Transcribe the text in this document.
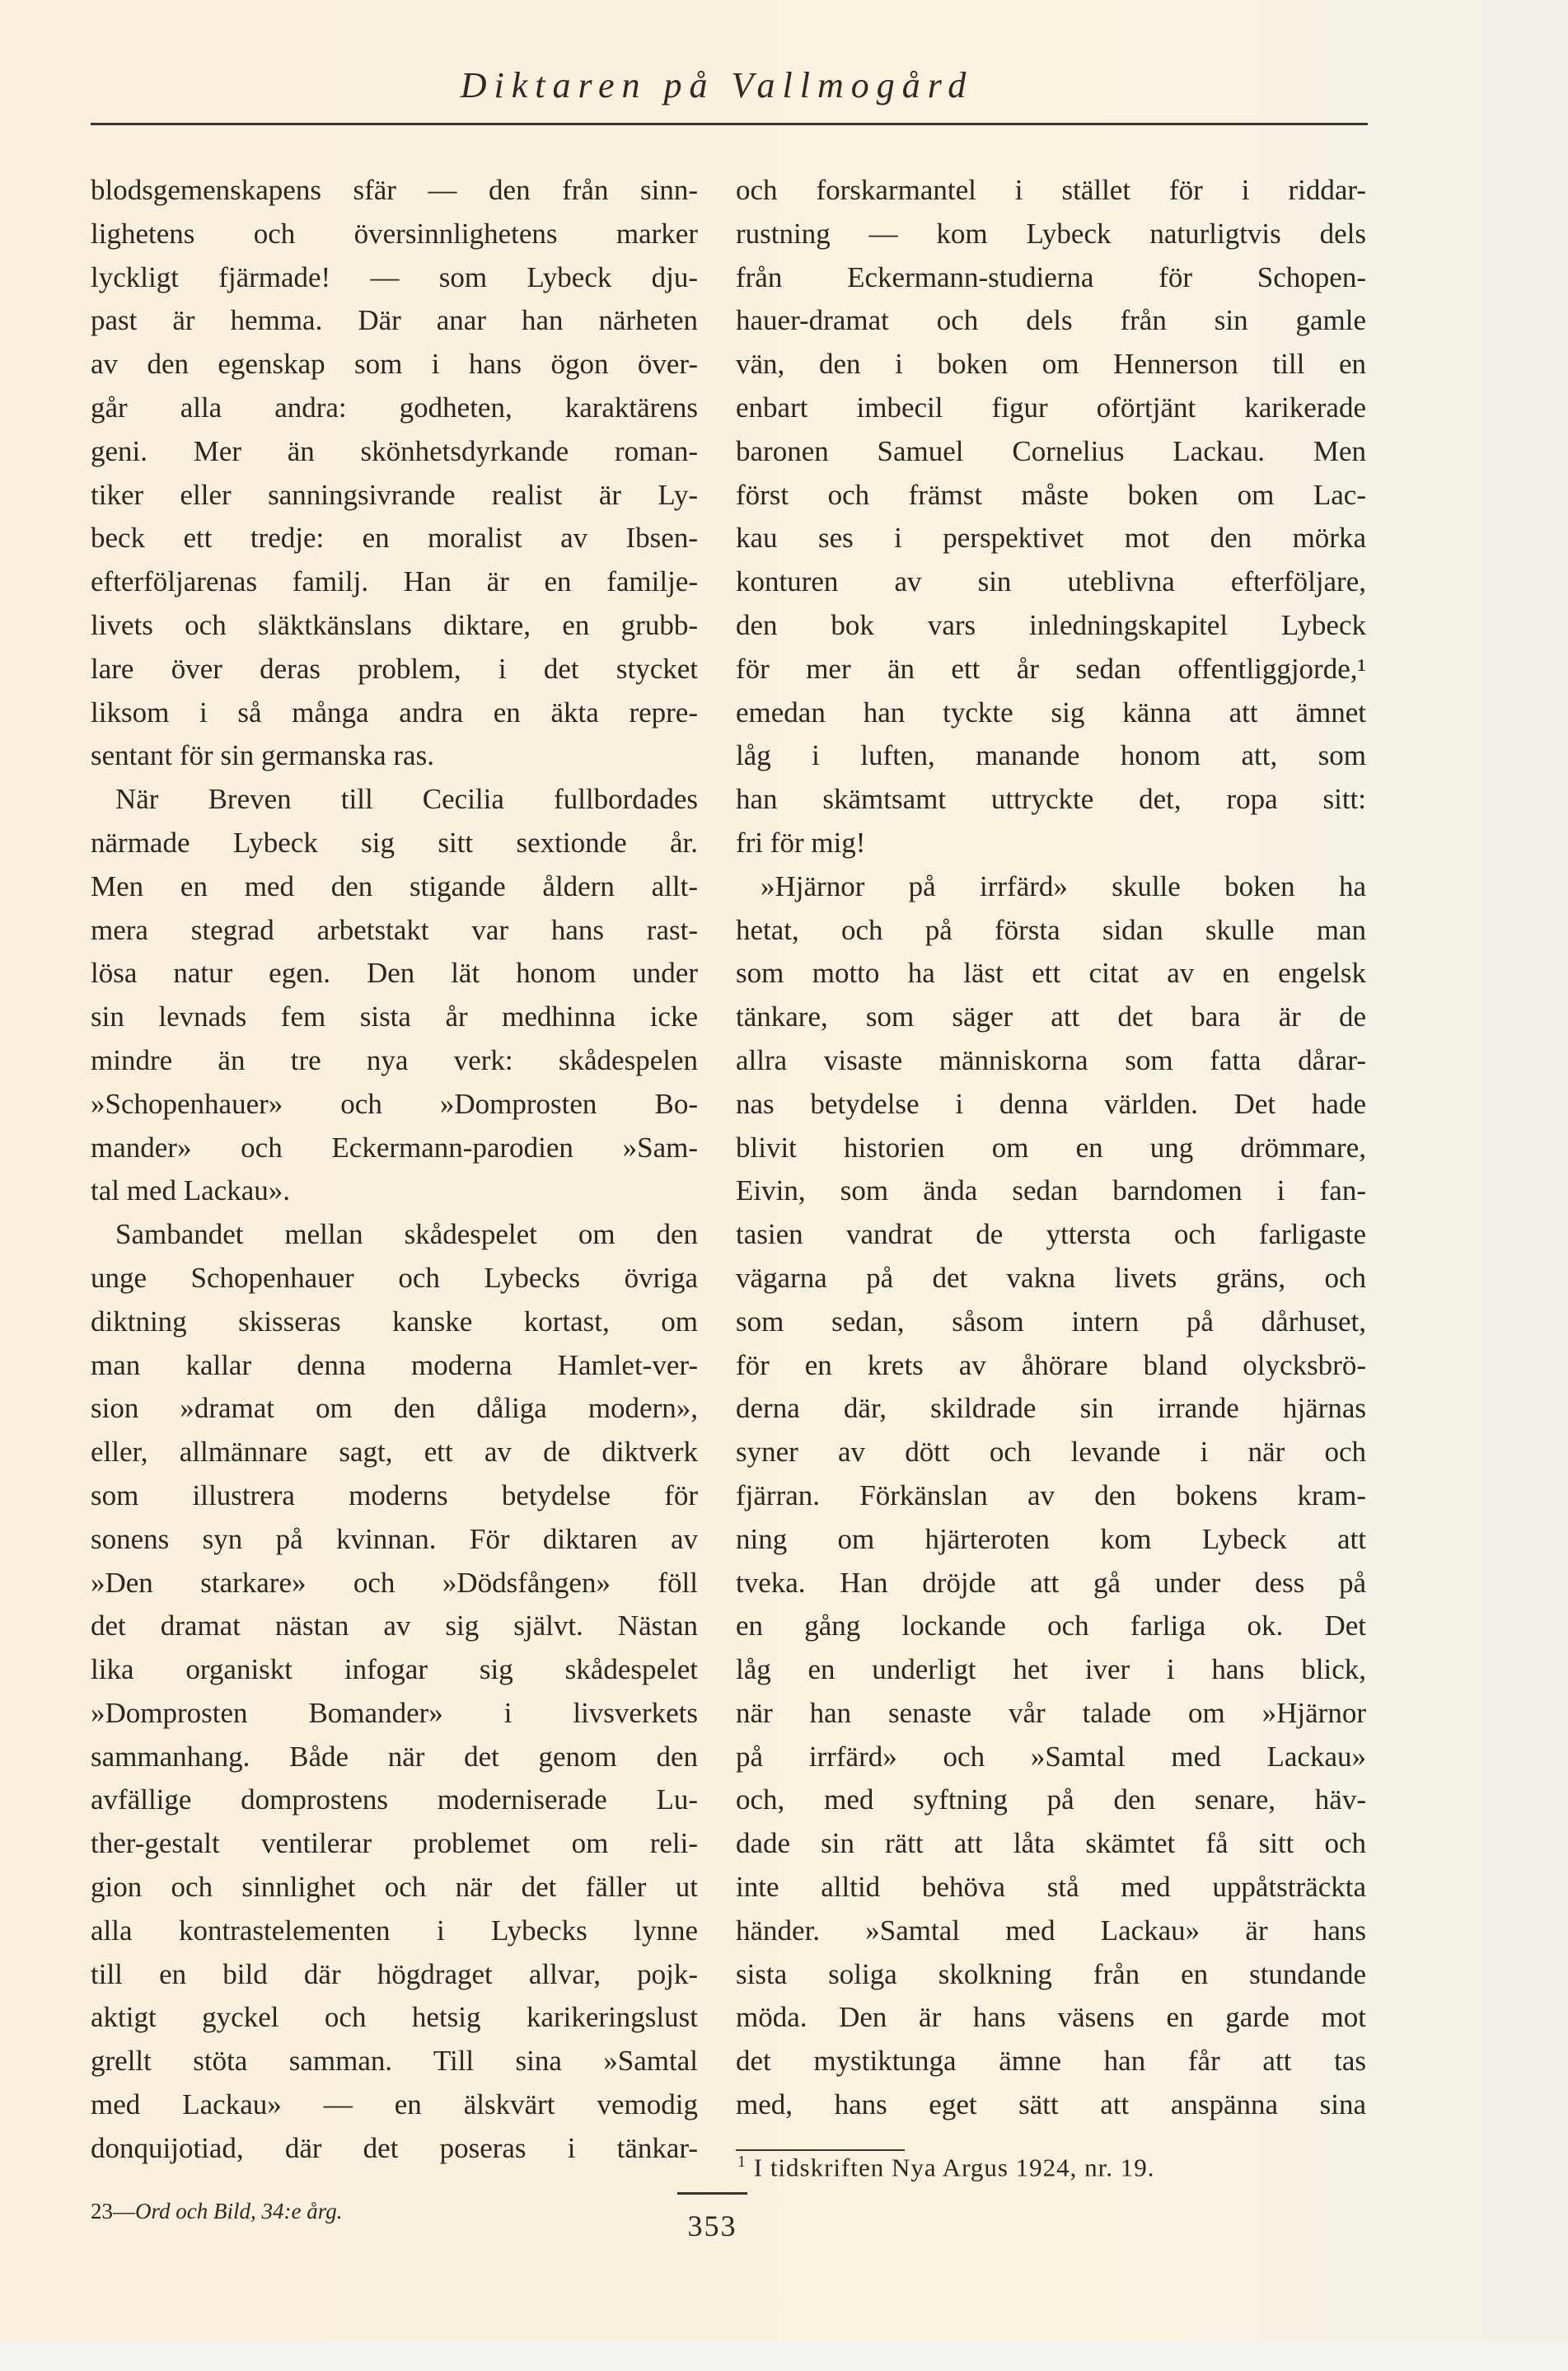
Diktaren på Vallmogård
blodsgemenskapens sfär — den från sinn-
lighetens och översinnlighetens marker
lyckligt fjärmade! — som Lybeck dju-
past är hemma. Där anar han närheten
av den egenskap som i hans ögon över-
går alla andra: godheten, karaktärens
geni. Mer än skönhetsdyrkande roman-
tiker eller sanningsivrande realist är Ly-
beck ett tredje: en moralist av Ibsen-
efterföljarenas familj. Han är en familje-
livets och släktkänslans diktare, en grubb-
lare över deras problem, i det stycket
liksom i så många andra en äkta repre-
sentant för sin germanska ras.
När Breven till Cecilia fullbordades
närmade Lybeck sig sitt sextionde år.
Men en med den stigande åldern allt-
mera stegrad arbetstakt var hans rast-
lösa natur egen. Den lät honom under
sin levnads fem sista år medhinna icke
mindre än tre nya verk: skådespelen
»Schopenhauer» och »Domprosten Bo-
mander» och Eckermann-parodien »Sam-
tal med Lackau».
Sambandet mellan skådespelet om den
unge Schopenhauer och Lybecks övriga
diktning skisseras kanske kortast, om
man kallar denna moderna Hamlet-ver-
sion »dramat om den dåliga modern»,
eller, allmännare sagt, ett av de diktverk
som illustrera moderns betydelse för
sonens syn på kvinnan. För diktaren av
»Den starkare» och »Dödsfången» föll
det dramat nästan av sig självt. Nästan
lika organiskt infogar sig skådespelet
»Domprosten Bomander» i livsverkets
sammanhang. Både när det genom den
avfällige domprostens moderniserade Lu-
ther-gestalt ventilerar problemet om reli-
gion och sinnlighet och när det fäller ut
alla kontrastelementen i Lybecks lynne
till en bild där högdraget allvar, pojk-
aktigt gyckel och hetsig karikeringslust
grellt stöta samman. Till sina »Samtal
med Lackau» — en älskvärt vemodig
donquijotiad, där det poseras i tänkar-
och forskarmantel i stället för i riddar-
rustning — kom Lybeck naturligtvis dels
från Eckermann-studierna för Schopen-
hauer-dramat och dels från sin gamle
vän, den i boken om Hennerson till en
enbart imbecil figur oförtjänt karikerade
baronen Samuel Cornelius Lackau. Men
först och främst måste boken om Lac-
kau ses i perspektivet mot den mörka
konturen av sin uteblivna efterföljare,
den bok vars inledningskapitel Lybeck
för mer än ett år sedan offentliggjorde,¹
emedan han tyckte sig känna att ämnet
låg i luften, manande honom att, som
han skämtsamt uttryckte det, ropa sitt:
fri för mig!
»Hjärnor på irrfärd» skulle boken ha
hetat, och på första sidan skulle man
som motto ha läst ett citat av en engelsk
tänkare, som säger att det bara är de
allra visaste människorna som fatta dårar-
nas betydelse i denna världen. Det hade
blivit historien om en ung drömmare,
Eivin, som ända sedan barndomen i fan-
tasien vandrat de yttersta och farligaste
vägarna på det vakna livets gräns, och
som sedan, såsom intern på dårhuset,
för en krets av åhörare bland olycksbrö-
derna där, skildrade sin irrande hjärnas
syner av dött och levande i när och
fjärran. Förkänslan av den bokens kram-
ning om hjärteroten kom Lybeck att
tveka. Han dröjde att gå under dess på
en gång lockande och farliga ok. Det
låg en underligt het iver i hans blick,
när han senaste vår talade om »Hjärnor
på irrfärd» och »Samtal med Lackau»
och, med syftning på den senare, häv-
dade sin rätt att låta skämtet få sitt och
inte alltid behöva stå med uppåtsträckta
händer. »Samtal med Lackau» är hans
sista soliga skolkning från en stundande
möda. Den är hans väsens en garde mot
det mystiktunga ämne han får att tas
med, hans eget sätt att anspänna sina
$^1$ I tidskriften Nya Argus 1924, nr. 19.
23—Ord och Bild, 34:e årg.	353
